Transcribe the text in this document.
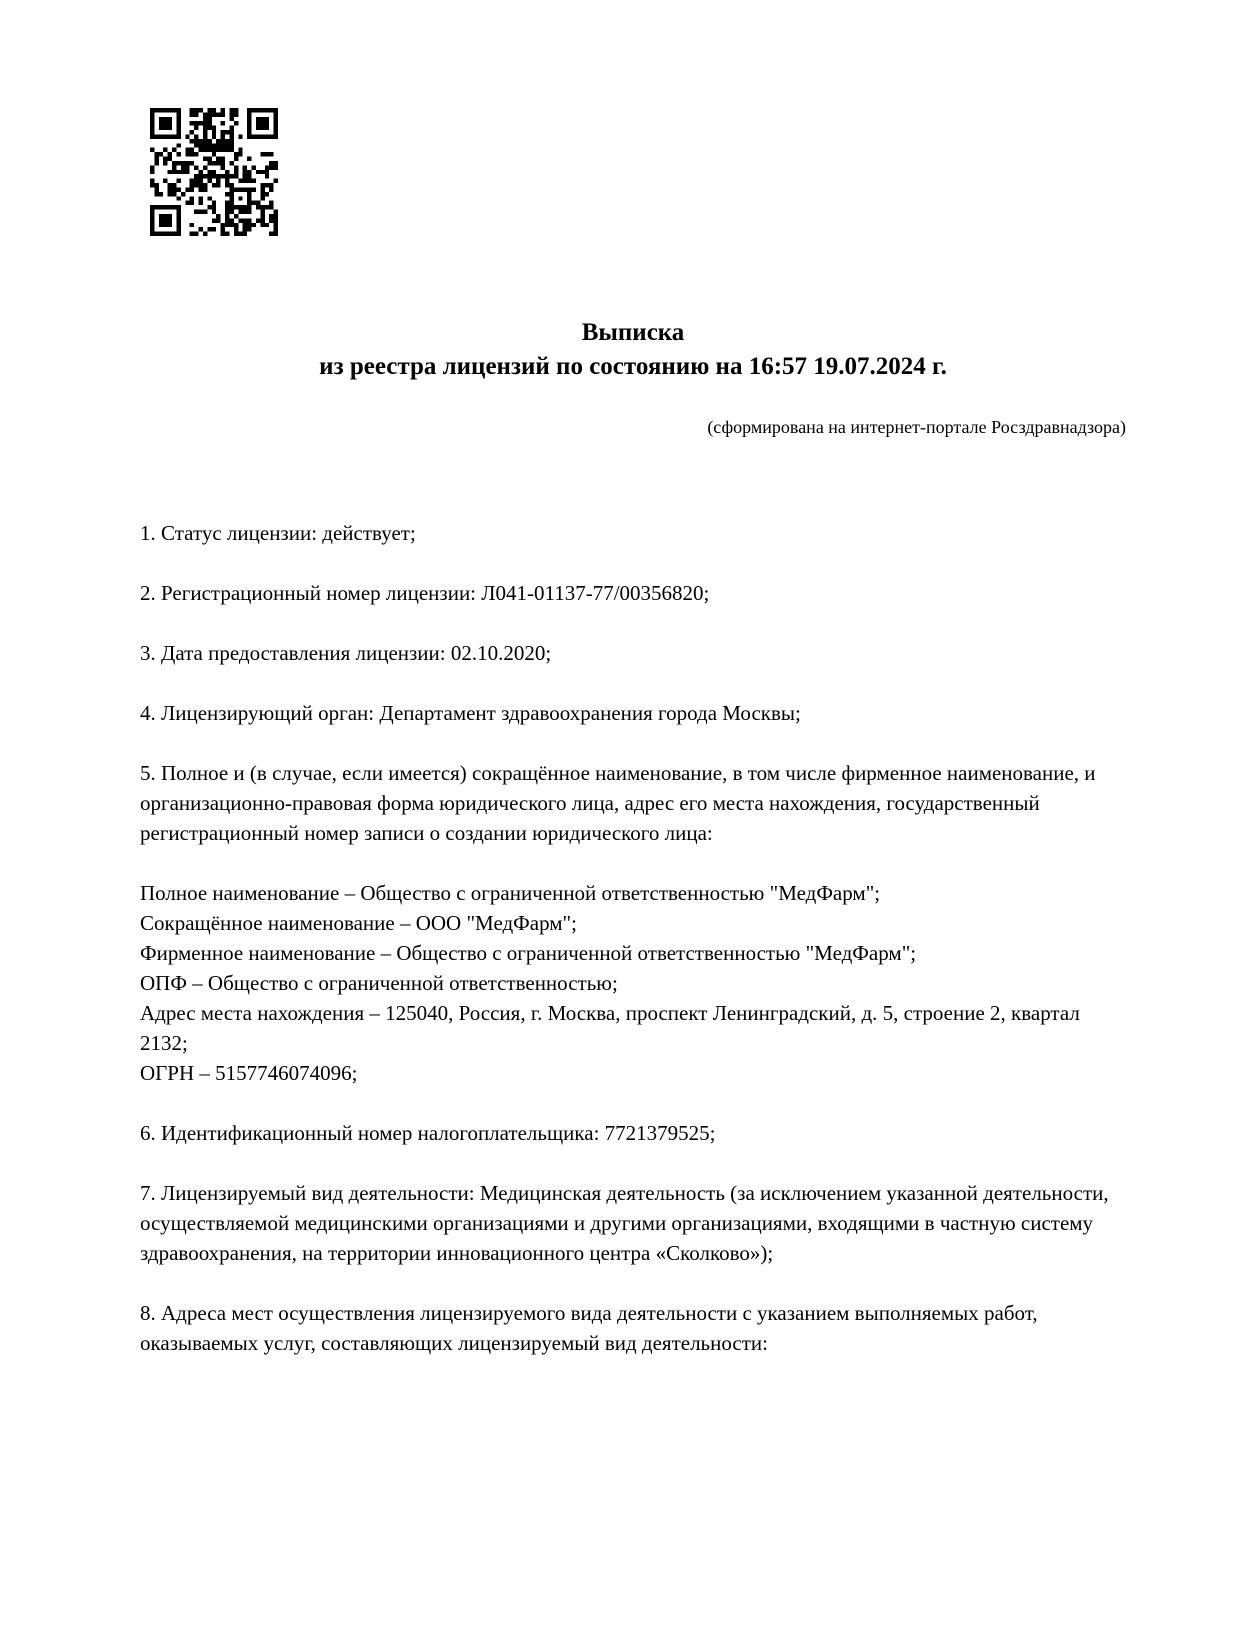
Выписка
из реестра лицензий по состоянию на 16:57 19.07.2024 г.
(сформирована на интернет-портале Росздравнадзора)

1. Статус лицензии: действует;

2. Регистрационный номер лицензии: Л041-01137-77/00356820;

3. Дата предоставления лицензии: 02.10.2020;

4. Лицензирующий орган: Департамент здравоохранения города Москвы;

5. Полное и (в случае, если имеется) сокращённое наименование, в том числе фирменное наименование, и организационно-правовая форма юридического лица, адрес его места нахождения, государственный регистрационный номер записи о создании юридического лица:

Полное наименование – Общество с ограниченной ответственностью "МедФарм";
Сокращённое наименование – ООО "МедФарм";
Фирменное наименование – Общество с ограниченной ответственностью "МедФарм";
ОПФ – Общество с ограниченной ответственностью;
Адрес места нахождения – 125040, Россия, г. Москва, проспект Ленинградский, д. 5, строение 2, квартал 2132;
ОГРН – 5157746074096;

6. Идентификационный номер налогоплательщика: 7721379525;

7. Лицензируемый вид деятельности: Медицинская деятельность (за исключением указанной деятельности, осуществляемой медицинскими организациями и другими организациями, входящими в частную систему здравоохранения, на территории инновационного центра «Сколково»);

8. Адреса мест осуществления лицензируемого вида деятельности с указанием выполняемых работ, оказываемых услуг, составляющих лицензируемый вид деятельности:
